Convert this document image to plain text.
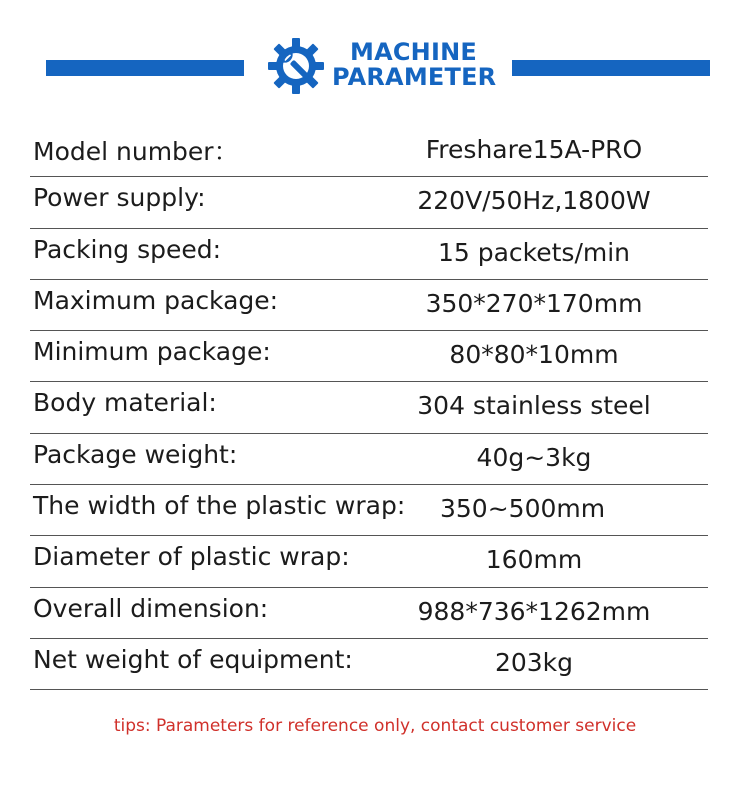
MACHINE
PARAMETER
Model number：	Freshare15A-PRO
Power supply:	220V/50Hz,1800W
Packing speed:	15 packets/min
Maximum package:	350*270*170mm
Minimum package:	80*80*10mm
Body material:	304 stainless steel
Package weight:	40g~3kg
The width of the plastic wrap: 350~500mm
Diameter of plastic wrap:	160mm
Overall dimension:	988*736*1262mm
Net weight of equipment:	203kg
tips: Parameters for reference only, contact customer service
